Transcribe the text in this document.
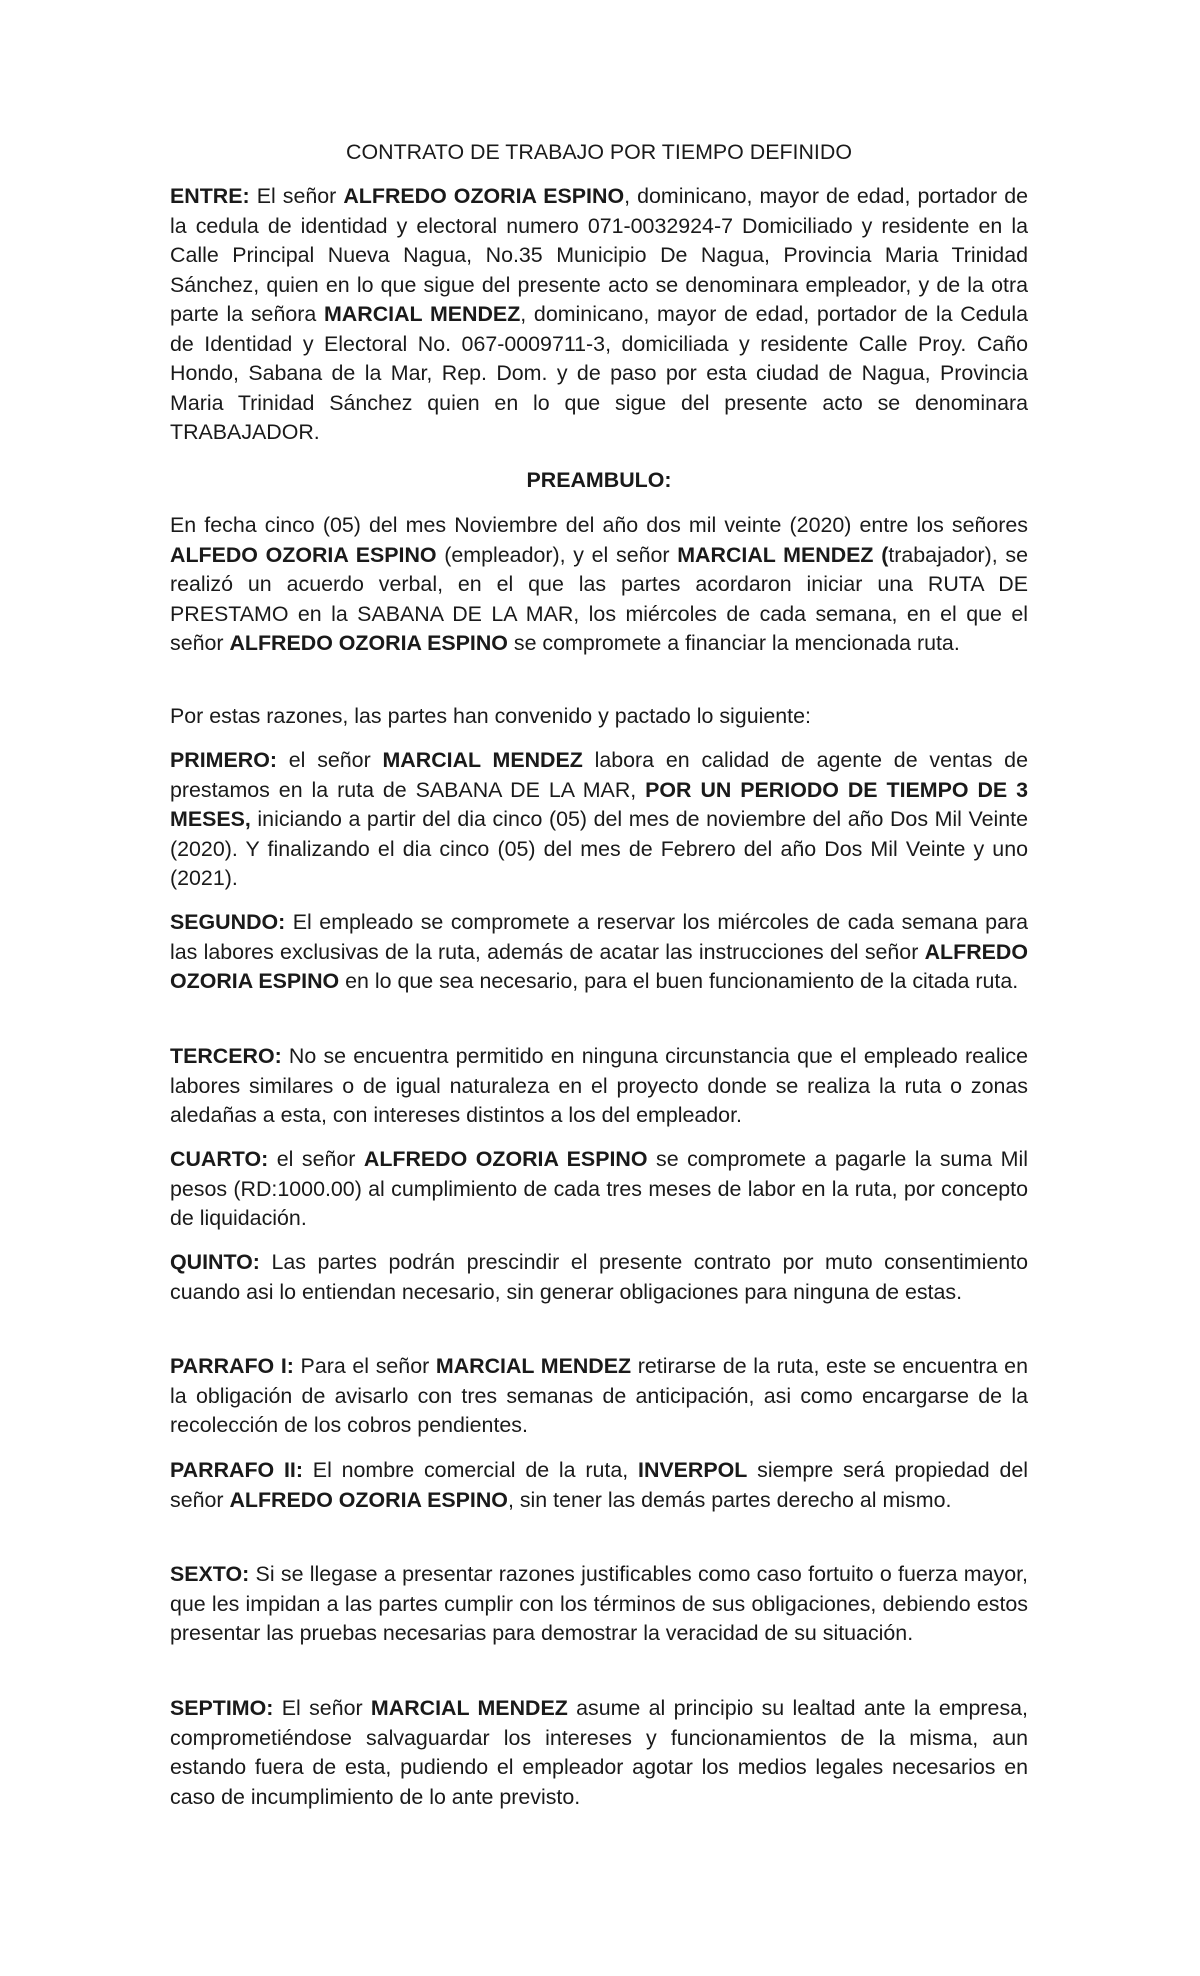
CONTRATO DE TRABAJO POR TIEMPO DEFINIDO

ENTRE: El señor ALFREDO OZORIA ESPINO, dominicano, mayor de edad, portador de la cedula de identidad y electoral numero 071-0032924-7 Domiciliado y residente en la Calle Principal Nueva Nagua, No.35 Municipio De Nagua, Provincia Maria Trinidad Sánchez, quien en lo que sigue del presente acto se denominara empleador, y de la otra parte la señora MARCIAL MENDEZ, dominicano, mayor de edad, portador de la Cedula de Identidad y Electoral No. 067-0009711-3, domiciliada y residente Calle Proy. Caño Hondo, Sabana de la Mar, Rep. Dom. y de paso por esta ciudad de Nagua, Provincia Maria Trinidad Sánchez quien en lo que sigue del presente acto se denominara TRABAJADOR.

PREAMBULO:

En fecha cinco (05) del mes Noviembre del año dos mil veinte (2020) entre los señores ALFEDO OZORIA ESPINO (empleador), y el señor MARCIAL MENDEZ (trabajador), se realizó un acuerdo verbal, en el que las partes acordaron iniciar una RUTA DE PRESTAMO en la SABANA DE LA MAR, los miércoles de cada semana, en el que el señor ALFREDO OZORIA ESPINO se compromete a financiar la mencionada ruta.

Por estas razones, las partes han convenido y pactado lo siguiente:

PRIMERO: el señor MARCIAL MENDEZ labora en calidad de agente de ventas de prestamos en la ruta de SABANA DE LA MAR, POR UN PERIODO DE TIEMPO DE 3 MESES, iniciando a partir del dia cinco (05) del mes de noviembre del año Dos Mil Veinte (2020). Y finalizando el dia cinco (05) del mes de Febrero del año Dos Mil Veinte y uno (2021).

SEGUNDO: El empleado se compromete a reservar los miércoles de cada semana para las labores exclusivas de la ruta, además de acatar las instrucciones del señor ALFREDO OZORIA ESPINO en lo que sea necesario, para el buen funcionamiento de la citada ruta.

TERCERO: No se encuentra permitido en ninguna circunstancia que el empleado realice labores similares o de igual naturaleza en el proyecto donde se realiza la ruta o zonas aledañas a esta, con intereses distintos a los del empleador.

CUARTO: el señor ALFREDO OZORIA ESPINO se compromete a pagarle la suma Mil pesos (RD:1000.00) al cumplimiento de cada tres meses de labor en la ruta, por concepto de liquidación.

QUINTO: Las partes podrán prescindir el presente contrato por muto consentimiento cuando asi lo entiendan necesario, sin generar obligaciones para ninguna de estas.

PARRAFO I: Para el señor MARCIAL MENDEZ retirarse de la ruta, este se encuentra en la obligación de avisarlo con tres semanas de anticipación, asi como encargarse de la recolección de los cobros pendientes.

PARRAFO II: El nombre comercial de la ruta, INVERPOL siempre será propiedad del señor ALFREDO OZORIA ESPINO, sin tener las demás partes derecho al mismo.

SEXTO: Si se llegase a presentar razones justificables como caso fortuito o fuerza mayor, que les impidan a las partes cumplir con los términos de sus obligaciones, debiendo estos presentar las pruebas necesarias para demostrar la veracidad de su situación.

SEPTIMO: El señor MARCIAL MENDEZ asume al principio su lealtad ante la empresa, comprometiéndose salvaguardar los intereses y funcionamientos de la misma, aun estando fuera de esta, pudiendo el empleador agotar los medios legales necesarios en caso de incumplimiento de lo ante previsto.
